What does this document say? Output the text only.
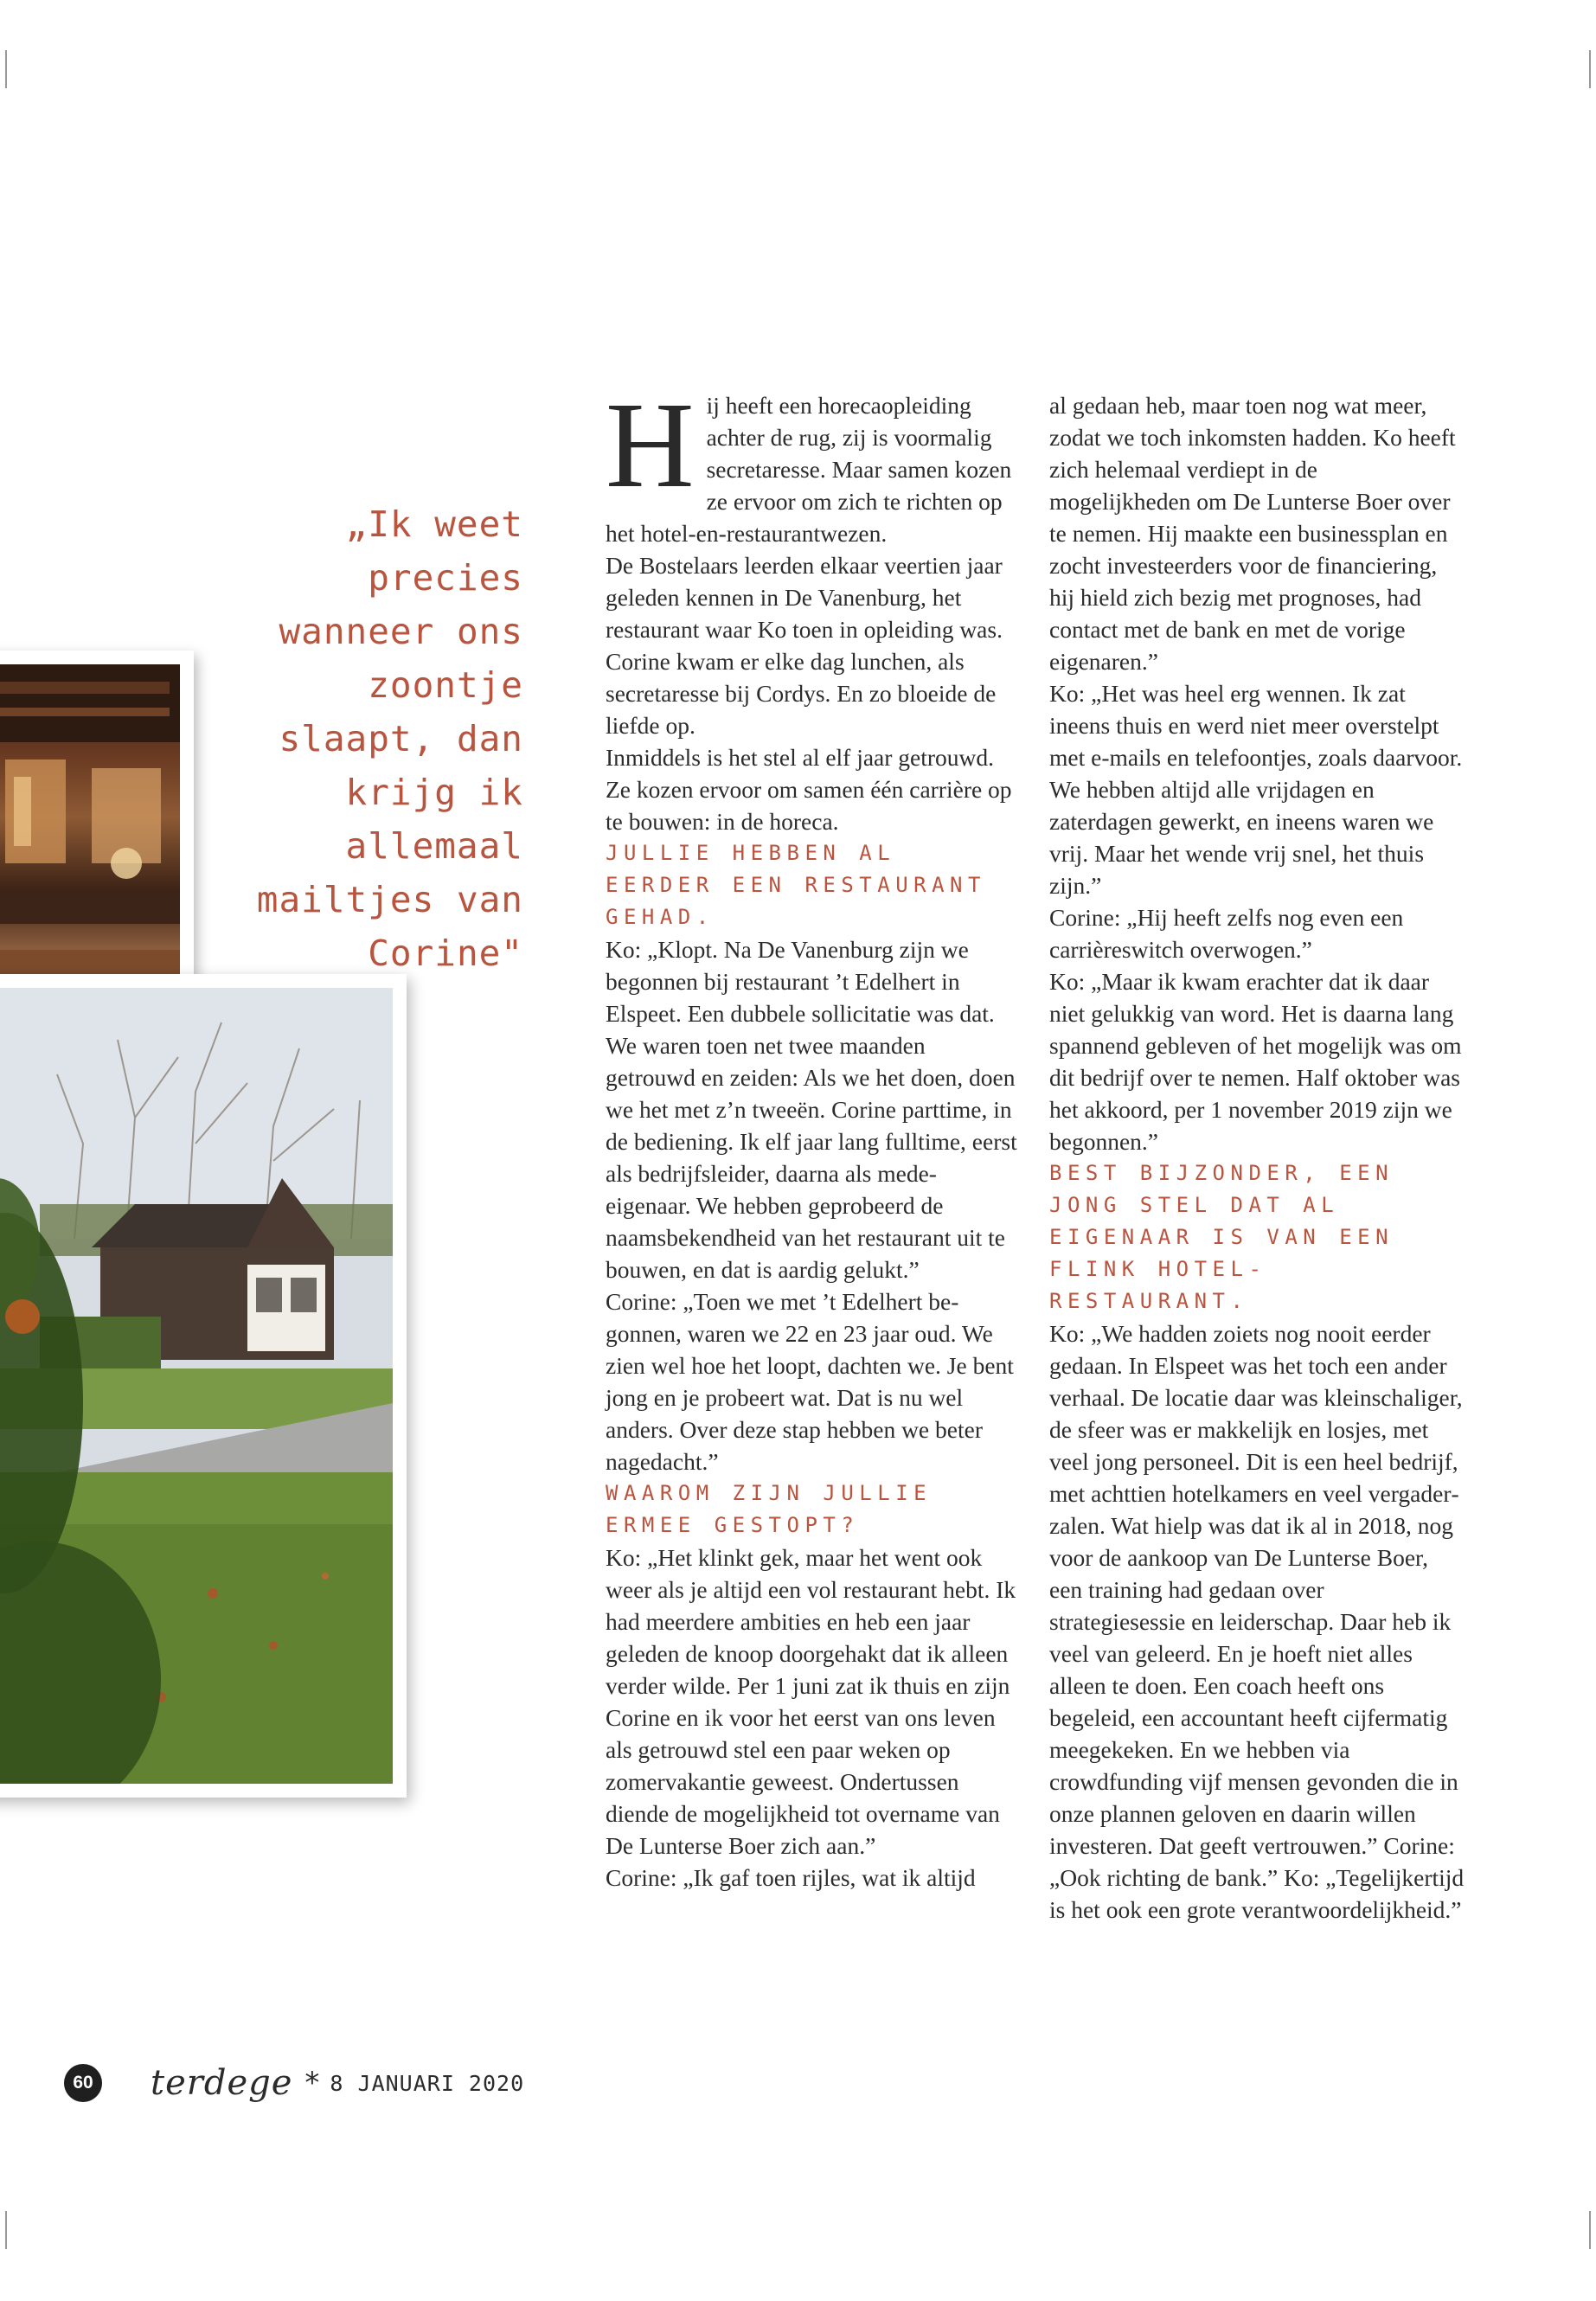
„Ik weet
precies
wanneer ons
zoontje
slaapt, dan
krijg ik
allemaal
mailtjes van
Corine"
H ij heeft een horecaopleiding achter de rug, zij is voormalig secretaresse. Maar samen kozen ze ervoor om zich te richten op het hotel-en-restaurantwezen.

De Bostelaars leerden elkaar veertien jaar geleden kennen in De Vanenburg, het restaurant waar Ko toen in opleiding was. Corine kwam er elke dag lunchen, als secretaresse bij Cordys. En zo bloeide de liefde op.

Inmiddels is het stel al elf jaar getrouwd. Ze kozen ervoor om samen één carrière op te bouwen: in de horeca.

JULLIE HEBBEN AL EERDER EEN RESTAURANT GEHAD.

Ko: „Klopt. Na De Vanenburg zijn we begonnen bij restaurant ’t Edelhert in Elspeet. Een dubbele sollicitatie was dat. We waren toen net twee maanden getrouwd en zeiden: Als we het doen, doen we het met z’n tweeën. Corine parttime, in de bediening. Ik elf jaar lang fulltime, eerst als bedrijfsleider, daarna als mede-eigenaar. We hebben geprobeerd de naamsbekendheid van het restaurant uit te bouwen, en dat is aardig gelukt.”

Corine: „Toen we met ’t Edelhert begonnen, waren we 22 en 23 jaar oud. We zien wel hoe het loopt, dachten we. Je bent jong en je probeert wat. Dat is nu wel anders. Over deze stap hebben we beter nagedacht.”

WAAROM ZIJN JULLIE ERMEE GESTOPT?

Ko: „Het klinkt gek, maar het went ook weer als je altijd een vol restaurant hebt. Ik had meerdere ambities en heb een jaar geleden de knoop doorgehakt dat ik alleen verder wilde. Per 1 juni zat ik thuis en zijn Corine en ik voor het eerst van ons leven als getrouwd stel een paar weken op zomervakantie geweest. Ondertussen diende de mogelijkheid tot overname van De Lunterse Boer zich aan.”

Corine: „Ik gaf toen rijles, wat ik altijd

al gedaan heb, maar toen nog wat meer, zodat we toch inkomsten hadden. Ko heeft zich helemaal verdiept in de mogelijkheden om De Lunterse Boer over te nemen. Hij maakte een businessplan en zocht investeerders voor de financiering, hij hield zich bezig met prognoses, had contact met de bank en met de vorige eigenaren.”

Ko: „Het was heel erg wennen. Ik zat ineens thuis en werd niet meer overstelpt met e-mails en telefoontjes, zoals daarvoor. We hebben altijd alle vrijdagen en zaterdagen gewerkt, en ineens waren we vrij. Maar het wende vrij snel, het thuis zijn.”

Corine: „Hij heeft zelfs nog even een carrièreswitch overwogen.”

Ko: „Maar ik kwam erachter dat ik daar niet gelukkig van word. Het is daarna lang spannend gebleven of het mogelijk was om dit bedrijf over te nemen. Half oktober was het akkoord, per 1 november 2019 zijn we begonnen.”

BEST BIJZONDER, EEN JONG STEL DAT AL EIGENAAR IS VAN EEN FLINK HOTEL-RESTAURANT.

Ko: „We hadden zoiets nog nooit eerder gedaan. In Elspeet was het toch een ander verhaal. De locatie daar was kleinschaliger, de sfeer was er makkelijk en losjes, met veel jong personeel. Dit is een heel bedrijf, met achttien hotelkamers en veel vergaderzalen. Wat hielp was dat ik al in 2018, nog voor de aankoop van De Lunterse Boer, een training had gedaan over strategiesessie en leiderschap. Daar heb ik veel van geleerd. En je hoeft niet alles alleen te doen. Een coach heeft ons begeleid, een accountant heeft cijfermatig meegekeken. En we hebben via crowdfunding vijf mensen gevonden die in onze plannen geloven en daarin willen investeren. Dat geeft vertrouwen.” Corine: „Ook richting de bank.” Ko: „Tegelijkertijd is het ook een grote verantwoordelijkheid.”

60 terdege * 8 JANUARI 2020
